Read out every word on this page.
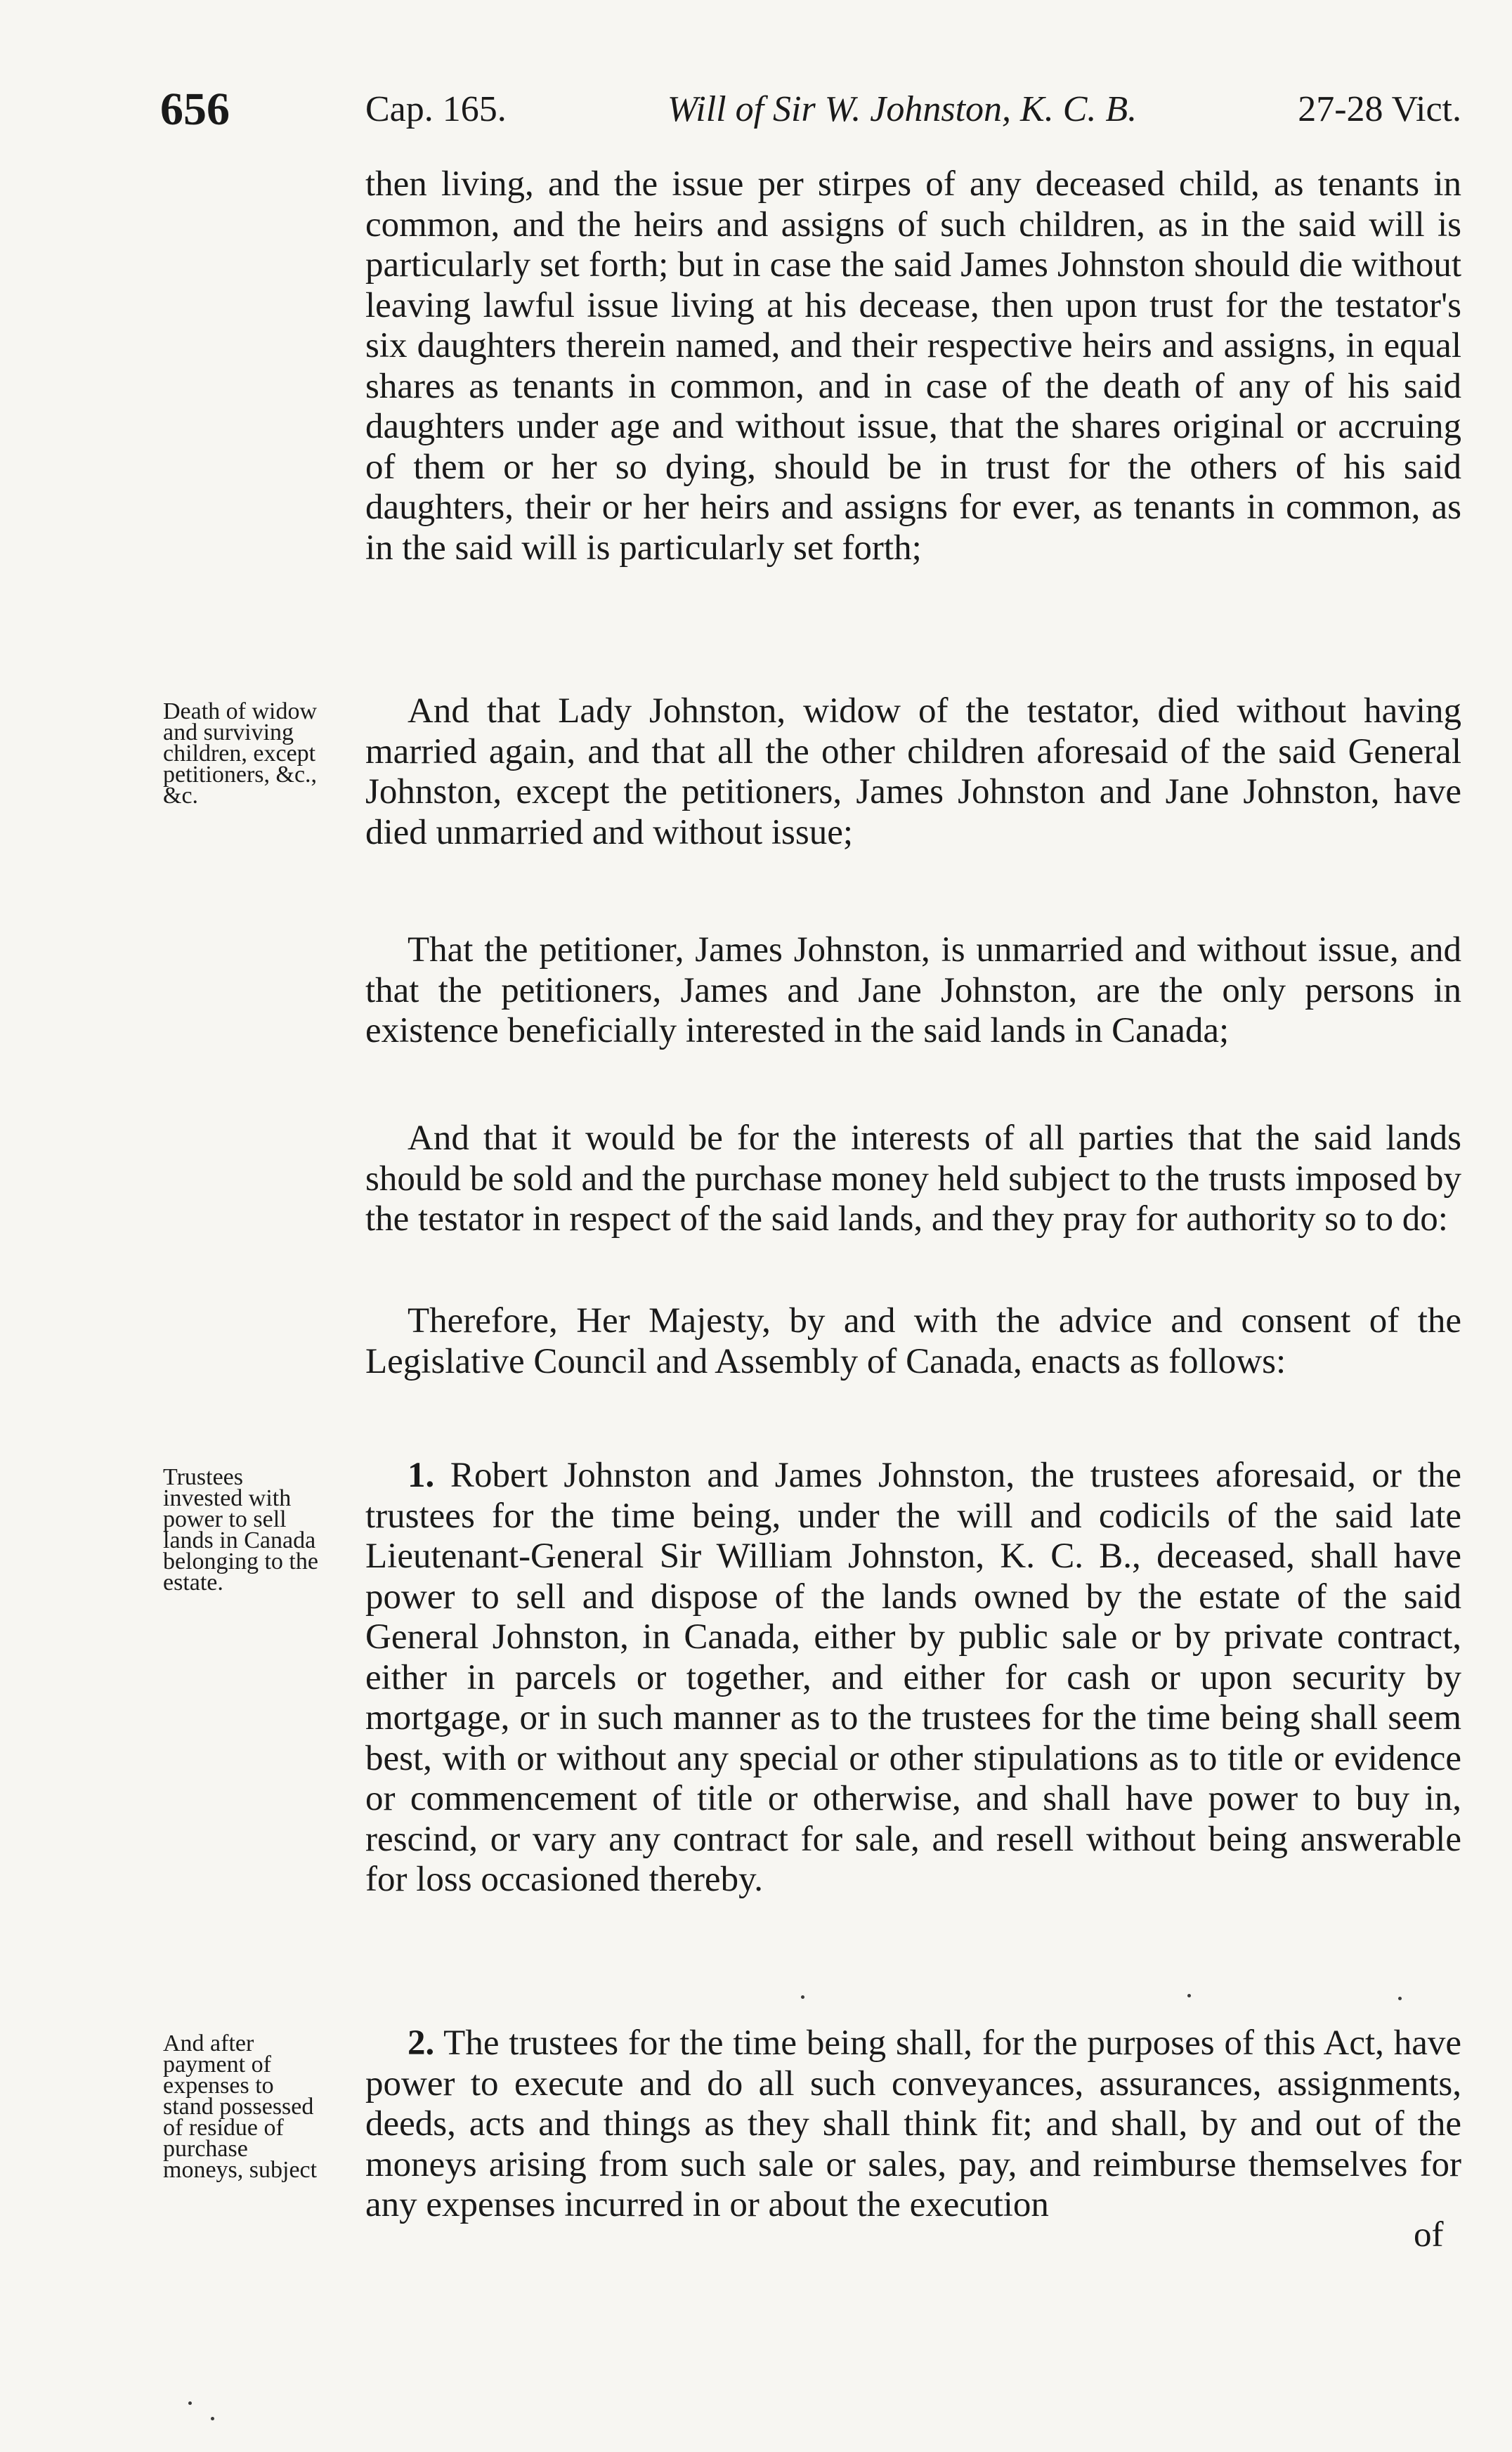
656	Cap. 165.	Will of Sir W. Johnston, K. C. B.	27-28 Vict.

then living, and the issue per stirpes of any deceased child, as tenants in common, and the heirs and assigns of such children, as in the said will is particularly set forth; but in case the said James Johnston should die without leaving lawful issue living at his decease, then upon trust for the testator's six daughters therein named, and their respective heirs and assigns, in equal shares as tenants in common, and in case of the death of any of his said daughters under age and without issue, that the shares original or accruing of them or her so dying, should be in trust for the others of his said daughters, their or her heirs and assigns for ever, as tenants in common, as in the said will is particularly set forth;

Death of widow and surviving children, except petitioners, &c., &c.

And that Lady Johnston, widow of the testator, died without having married again, and that all the other children aforesaid of the said General Johnston, except the petitioners, James Johnston and Jane Johnston, have died unmarried and without issue;

That the petitioner, James Johnston, is unmarried and without issue, and that the petitioners, James and Jane Johnston, are the only persons in existence beneficially interested in the said lands in Canada;

And that it would be for the interests of all parties that the said lands should be sold and the purchase money held subject to the trusts imposed by the testator in respect of the said lands, and they pray for authority so to do:

Therefore, Her Majesty, by and with the advice and consent of the Legislative Council and Assembly of Canada, enacts as follows:

Trustees invested with power to sell lands in Canada belonging to the estate.

1. Robert Johnston and James Johnston, the trustees aforesaid, or the trustees for the time being, under the will and codicils of the said late Lieutenant-General Sir William Johnston, K. C. B., deceased, shall have power to sell and dispose of the lands owned by the estate of the said General Johnston, in Canada, either by public sale or by private contract, either in parcels or together, and either for cash or upon security by mortgage, or in such manner as to the trustees for the time being shall seem best, with or without any special or other stipulations as to title or evidence or commencement of title or otherwise, and shall have power to buy in, rescind, or vary any contract for sale, and resell without being answerable for loss occasioned thereby.

And after payment of expenses to stand possessed of residue of purchase moneys, subject

2. The trustees for the time being shall, for the purposes of this Act, have power to execute and do all such conveyances, assurances, assignments, deeds, acts and things as they shall think fit; and shall, by and out of the moneys arising from such sale or sales, pay, and reimburse themselves for any expenses incurred in or about the execution

of
